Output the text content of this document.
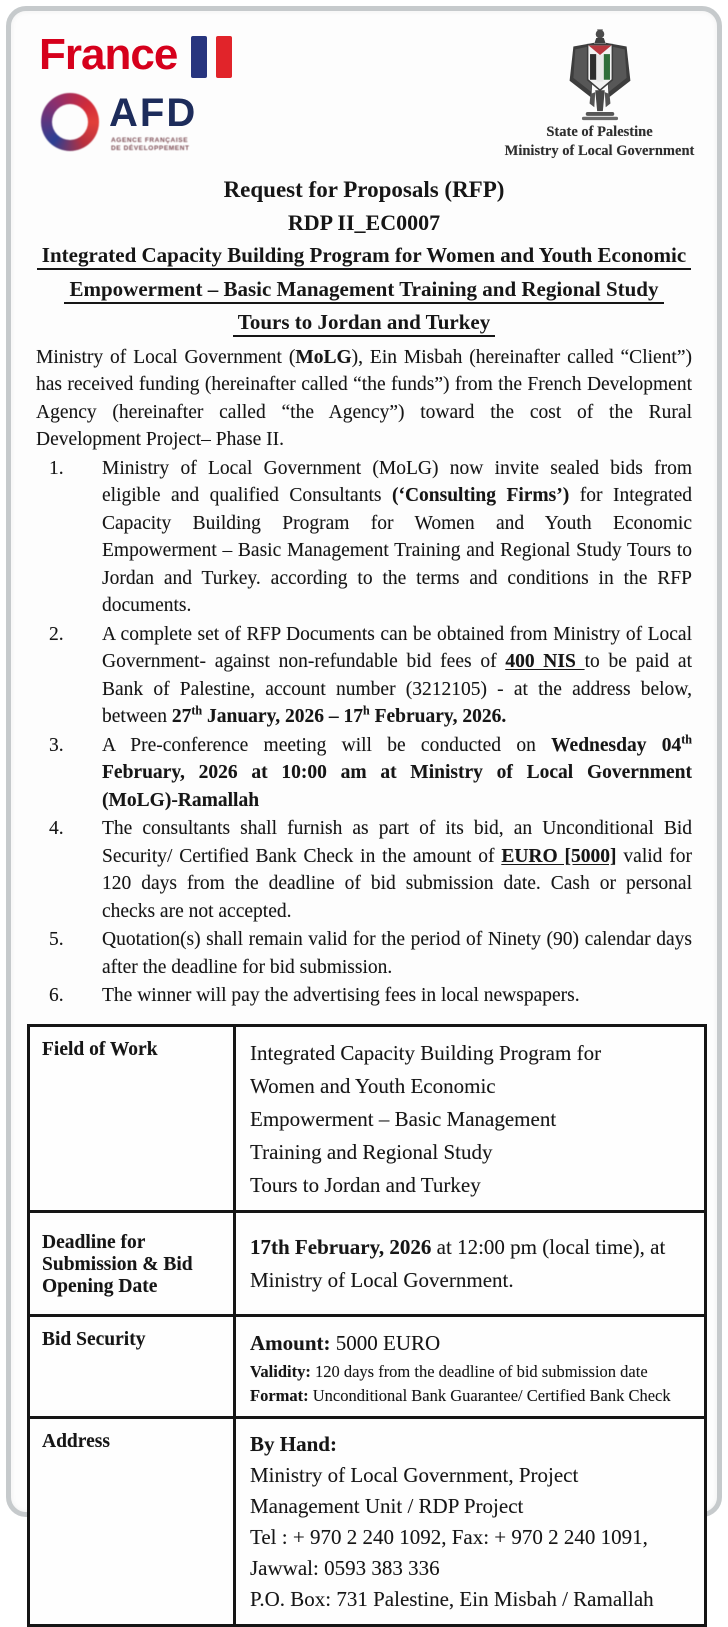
France
AFD
AGENCE FRANÇAISE
DE DÉVELOPPEMENT
State of Palestine
Ministry of Local Government
Request for Proposals (RFP)
RDP II_EC0007
Integrated Capacity Building Program for Women and Youth Economic
Empowerment – Basic Management Training and Regional Study
Tours to Jordan and Turkey
Ministry of Local Government (MoLG), Ein Misbah (hereinafter called “Client”) has received funding (hereinafter called “the funds”) from the French Development Agency (hereinafter called “the Agency”) toward the cost of the Rural Development Project– Phase II.
1.	Ministry of Local Government (MoLG) now invite sealed bids from eligible and qualified Consultants (‘Consulting Firms’) for Integrated Capacity Building Program for Women and Youth Economic Empowerment – Basic Management Training and Regional Study Tours to Jordan and Turkey. according to the terms and conditions in the RFP documents.
2.	A complete set of RFP Documents can be obtained from Ministry of Local Government- against non-refundable bid fees of 400 NIS to be paid at Bank of Palestine, account number (3212105) - at the address below, between 27th January, 2026 – 17$^h$ February, 2026.
3.	A Pre-conference meeting will be conducted on Wednesday 04th February, 2026 at 10:00 am at Ministry of Local Government (MoLG)-Ramallah
4.	The consultants shall furnish as part of its bid, an Unconditional Bid Security/ Certified Bank Check in the amount of EURO [5000] valid for 120 days from the deadline of bid submission date. Cash or personal checks are not accepted.
5.	Quotation(s) shall remain valid for the period of Ninety (90) calendar days after the deadline for bid submission.
6.	The winner will pay the advertising fees in local newspapers.
Field of Work	Integrated Capacity Building Program for
Women and Youth Economic
Empowerment – Basic Management
Training and Regional Study
Tours to Jordan and Turkey

Deadline for Submission & Bid Opening Date	17th February, 2026 at 12:00 pm (local time), at Ministry of Local Government.

Bid Security	Amount: 5000 EURO
Validity: 120 days from the deadline of bid submission date
Format: Unconditional Bank Guarantee/ Certified Bank Check

Address	By Hand:
Ministry of Local Government, Project
Management Unit / RDP Project
Tel : + 970 2 240 1092, Fax: + 970 2 240 1091,
Jawwal: 0593 383 336
P.O. Box: 731 Palestine, Ein Misbah / Ramallah
